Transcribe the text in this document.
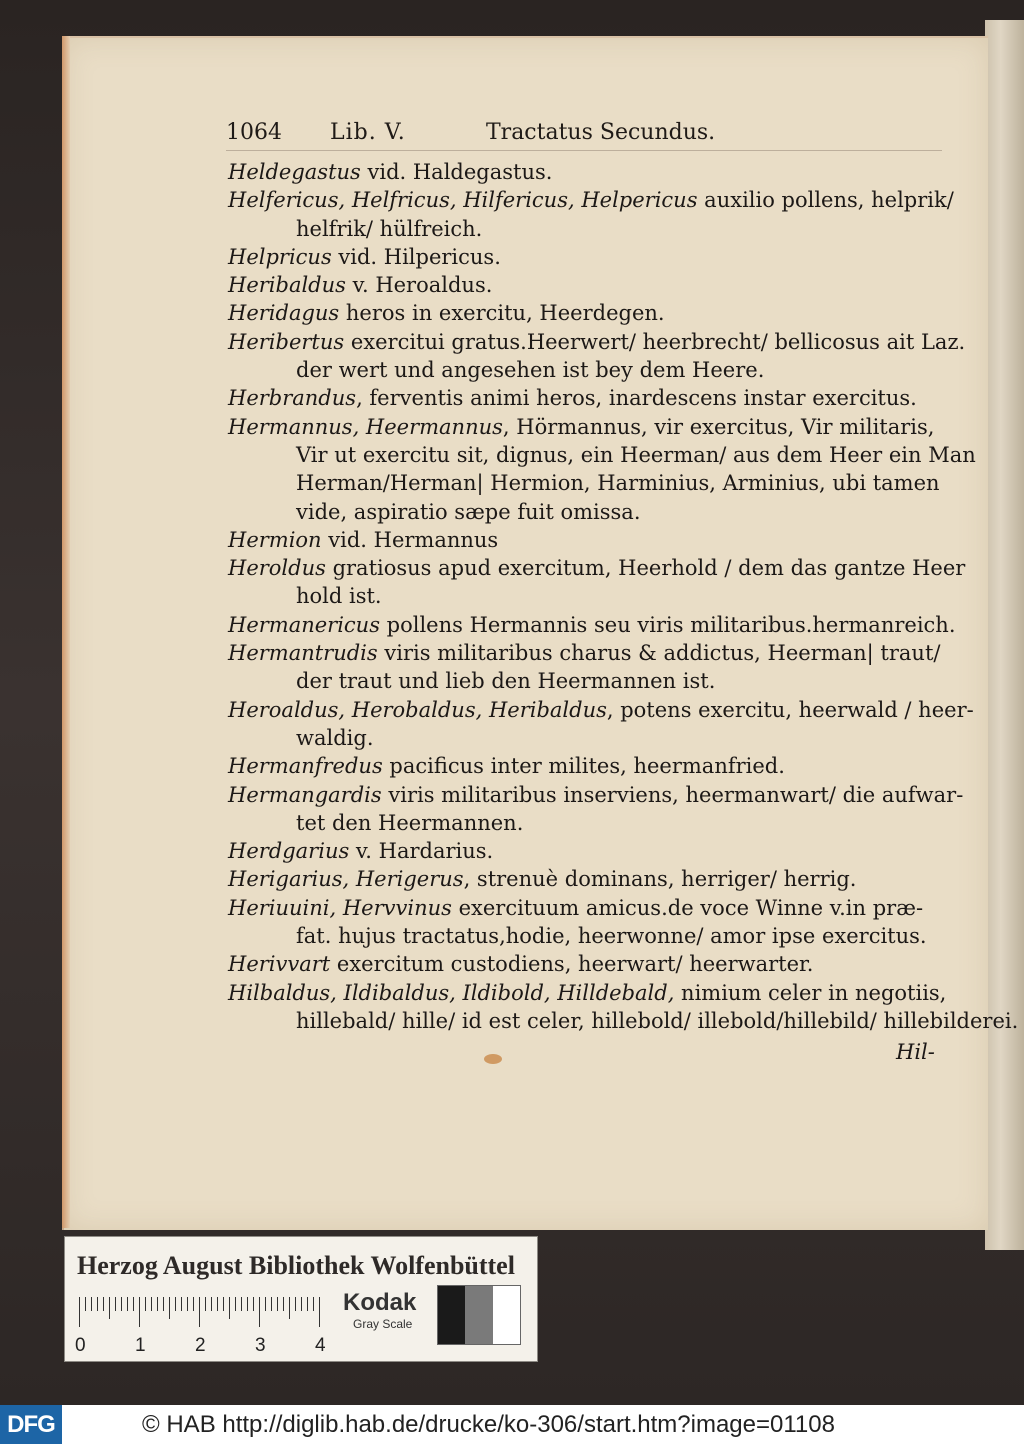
1064 Lib. V.	Tractatus Secundus.
Heldegastus vid. Haldegastus.
Helfericus, Helfricus, Hilfericus, Helpericus auxilio pollens, helprik/
helfrik/ hülfreich.
Helpricus vid. Hilpericus.
Heribaldus v. Heroaldus.
Heridagus heros in exercitu, Heerdegen.
Heribertus exercitui gratus.Heerwert/ heerbrecht/ bellicosus ait Laz.
der wert und angesehen ist bey dem Heere.
Herbrandus, ferventis animi heros, inardescens instar exercitus.
Hermannus, Heermannus, Hörmannus, vir exercitus, Vir militaris,
Vir ut exercitu sit, dignus, ein Heerman/ aus dem Heer ein Man
Herman/Herman| Hermion, Harminius, Arminius, ubi tamen
vide, aspiratio sæpe fuit omissa.
Hermion vid. Hermannus
Heroldus gratiosus apud exercitum, Heerhold / dem das gantze Heer
hold ist.
Hermanericus pollens Hermannis seu viris militaribus.hermanreich.
Hermantrudis viris militaribus charus & addictus, Heerman| traut/
der traut und lieb den Heermannen ist.
Heroaldus, Herobaldus, Heribaldus, potens exercitu, heerwald / heer-
waldig.
Hermanfredus pacificus inter milites, heermanfried.
Hermangardis viris militaribus inserviens, heermanwart/ die aufwar-
tet den Heermannen.
Herdgarius v. Hardarius.
Herigarius, Herigerus, strenuè dominans, herriger/ herrig.
Heriuuini, Hervvinus exercituum amicus.de voce Winne v.in præ-
fat. hujus tractatus,hodie, heerwonne/ amor ipse exercitus.
Herivvart exercitum custodiens, heerwart/ heerwarter.
Hilbaldus, Ildibaldus, Ildibold, Hilldebald, nimium celer in negotiis,
hillebald/ hille/ id est celer, hillebold/ illebold/hillebild/ hillebilderei.
Hil-
Herzog August Bibliothek Wolfenbüttel
0	1	2	3	4
Kodak
Gray Scale
DFG	© HAB http://diglib.hab.de/drucke/ko-306/start.htm?image=01108
